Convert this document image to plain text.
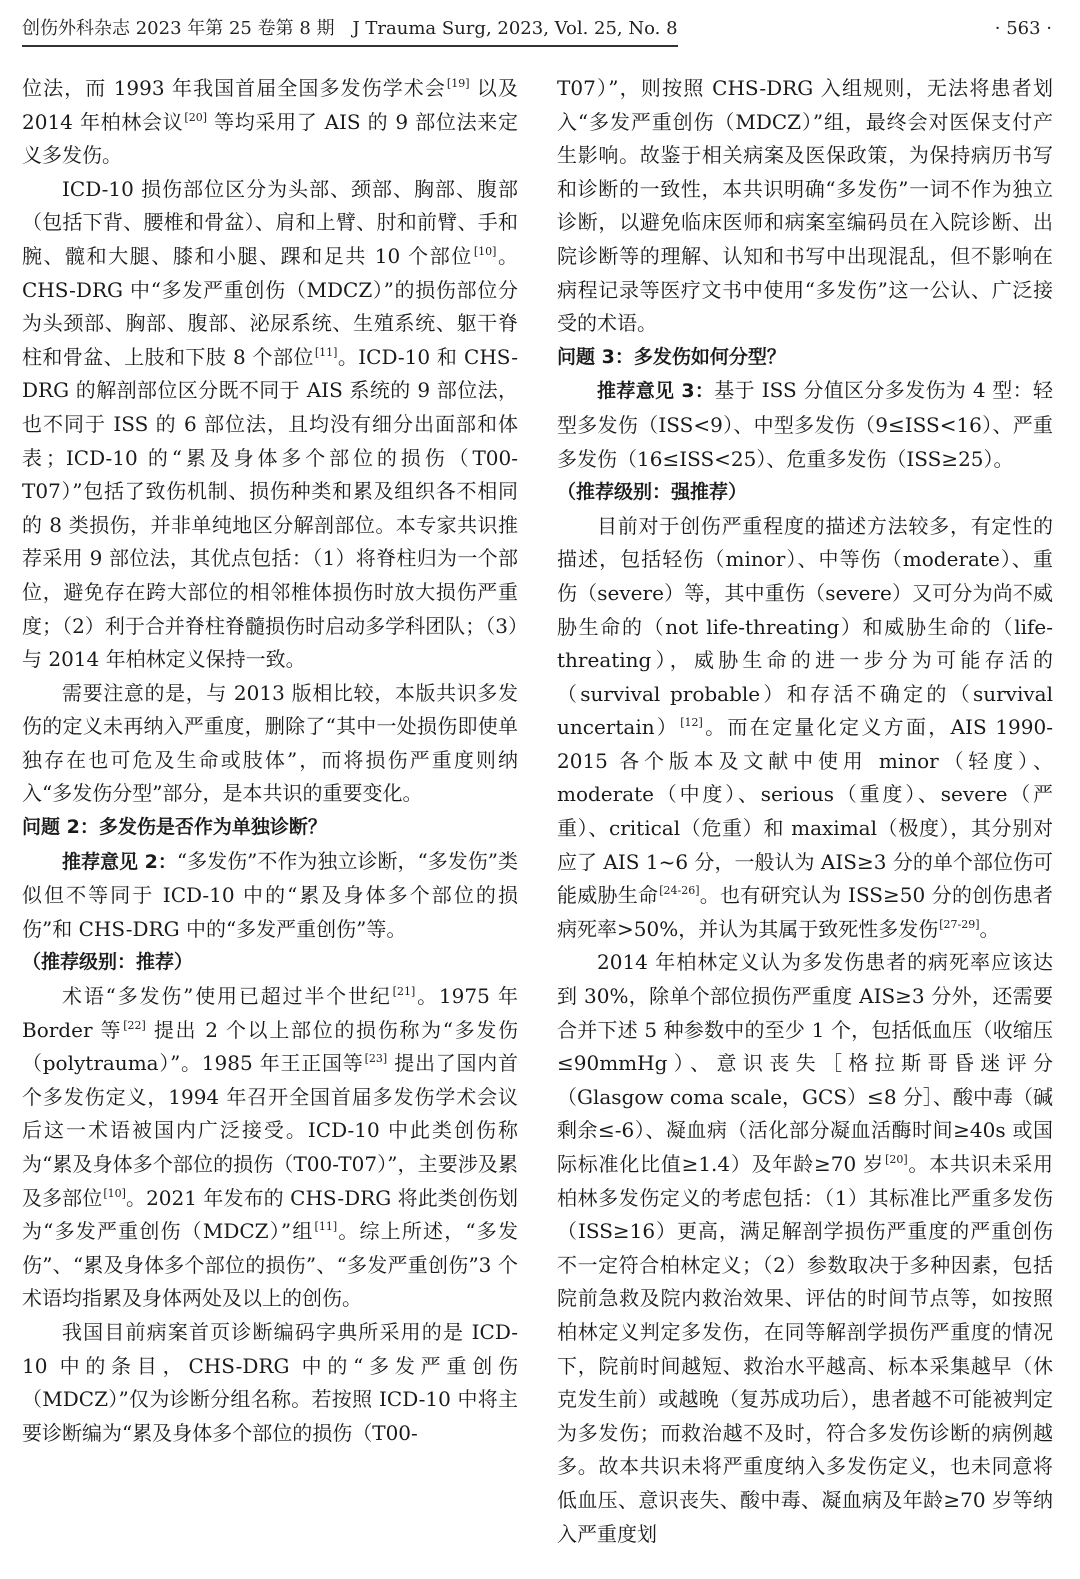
创伤外科杂志 2023 年第 25 卷第 8 期　J Trauma Surg, 2023, Vol. 25, No. 8	· 563 ·

位法，而 1993 年我国首届全国多发伤学术会[19] 以及 2014 年柏林会议[20] 等均采用了 AIS 的 9 部位法来定义多发伤。

ICD-10 损伤部位区分为头部、颈部、胸部、腹部（包括下背、腰椎和骨盆）、肩和上臂、肘和前臂、手和腕、髋和大腿、膝和小腿、踝和足共 10 个部位[10]。CHS-DRG 中“多发严重创伤（MDCZ）”的损伤部位分为头颈部、胸部、腹部、泌尿系统、生殖系统、躯干脊柱和骨盆、上肢和下肢 8 个部位[11]。ICD-10 和 CHS-DRG 的解剖部位区分既不同于 AIS 系统的 9 部位法，也不同于 ISS 的 6 部位法，且均没有细分出面部和体表；ICD-10 的“累及身体多个部位的损伤（T00-T07）”包括了致伤机制、损伤种类和累及组织各不相同的 8 类损伤，并非单纯地区分解剖部位。本专家共识推荐采用 9 部位法，其优点包括：（1）将脊柱归为一个部位，避免存在跨大部位的相邻椎体损伤时放大损伤严重度；（2）利于合并脊柱脊髓损伤时启动多学科团队；（3）与 2014 年柏林定义保持一致。

需要注意的是，与 2013 版相比较，本版共识多发伤的定义未再纳入严重度，删除了“其中一处损伤即使单独存在也可危及生命或肢体”，而将损伤严重度则纳入“多发伤分型”部分，是本共识的重要变化。

问题 2：多发伤是否作为单独诊断？

推荐意见 2：“多发伤”不作为独立诊断，“多发伤”类似但不等同于 ICD-10 中的“累及身体多个部位的损伤”和 CHS-DRG 中的“多发严重创伤”等。

（推荐级别：推荐）

术语“多发伤”使用已超过半个世纪[21]。1975 年 Border 等[22] 提出 2 个以上部位的损伤称为“多发伤（polytrauma）”。1985 年王正国等[23] 提出了国内首个多发伤定义，1994 年召开全国首届多发伤学术会议后这一术语被国内广泛接受。ICD-10 中此类创伤称为“累及身体多个部位的损伤（T00-T07）”，主要涉及累及多部位[10]。2021 年发布的 CHS-DRG 将此类创伤划为“多发严重创伤（MDCZ）”组[11]。综上所述，“多发伤”、“累及身体多个部位的损伤”、“多发严重创伤”3 个术语均指累及身体两处及以上的创伤。

我国目前病案首页诊断编码字典所采用的是 ICD-10 中的条目，CHS-DRG 中的“多发严重创伤（MDCZ）”仅为诊断分组名称。若按照 ICD-10 中将主要诊断编为“累及身体多个部位的损伤（T00-

T07）”，则按照 CHS-DRG 入组规则，无法将患者划入“多发严重创伤（MDCZ）”组，最终会对医保支付产生影响。故鉴于相关病案及医保政策，为保持病历书写和诊断的一致性，本共识明确“多发伤”一词不作为独立诊断，以避免临床医师和病案室编码员在入院诊断、出院诊断等的理解、认知和书写中出现混乱，但不影响在病程记录等医疗文书中使用“多发伤”这一公认、广泛接受的术语。

问题 3：多发伤如何分型？

推荐意见 3：基于 ISS 分值区分多发伤为 4 型：轻型多发伤（ISS<9）、中型多发伤（9≤ISS<16）、严重多发伤（16≤ISS<25）、危重多发伤（ISS≥25）。

（推荐级别：强推荐）

目前对于创伤严重程度的描述方法较多，有定性的描述，包括轻伤（minor）、中等伤（moderate）、重伤（severe）等，其中重伤（severe）又可分为尚不威胁生命的（not life-threating）和威胁生命的（life-threating），威胁生命的进一步分为可能存活的（survival probable）和存活不确定的（survival uncertain）[12]。而在定量化定义方面，AIS 1990-2015 各个版本及文献中使用 minor（轻度）、moderate（中度）、serious（重度）、severe（严重）、critical（危重）和 maximal（极度），其分别对应了 AIS 1~6 分，一般认为 AIS≥3 分的单个部位伤可能威胁生命[24-26]。也有研究认为 ISS≥50 分的创伤患者病死率>50%，并认为其属于致死性多发伤[27-29]。

2014 年柏林定义认为多发伤患者的病死率应该达到 30%，除单个部位损伤严重度 AIS≥3 分外，还需要合并下述 5 种参数中的至少 1 个，包括低血压（收缩压≤90mmHg）、意识丧失［格拉斯哥昏迷评分（Glasgow coma scale，GCS）≤8 分］、酸中毒（碱剩余≤-6）、凝血病（活化部分凝血活酶时间≥40s 或国际标准化比值≥1.4）及年龄≥70 岁[20]。本共识未采用柏林多发伤定义的考虑包括：（1）其标准比严重多发伤（ISS≥16）更高，满足解剖学损伤严重度的严重创伤不一定符合柏林定义；（2）参数取决于多种因素，包括院前急救及院内救治效果、评估的时间节点等，如按照柏林定义判定多发伤，在同等解剖学损伤严重度的情况下，院前时间越短、救治水平越高、标本采集越早（休克发生前）或越晚（复苏成功后），患者越不可能被判定为多发伤；而救治越不及时，符合多发伤诊断的病例越多。故本共识未将严重度纳入多发伤定义，也未同意将低血压、意识丧失、酸中毒、凝血病及年龄≥70 岁等纳入严重度划
